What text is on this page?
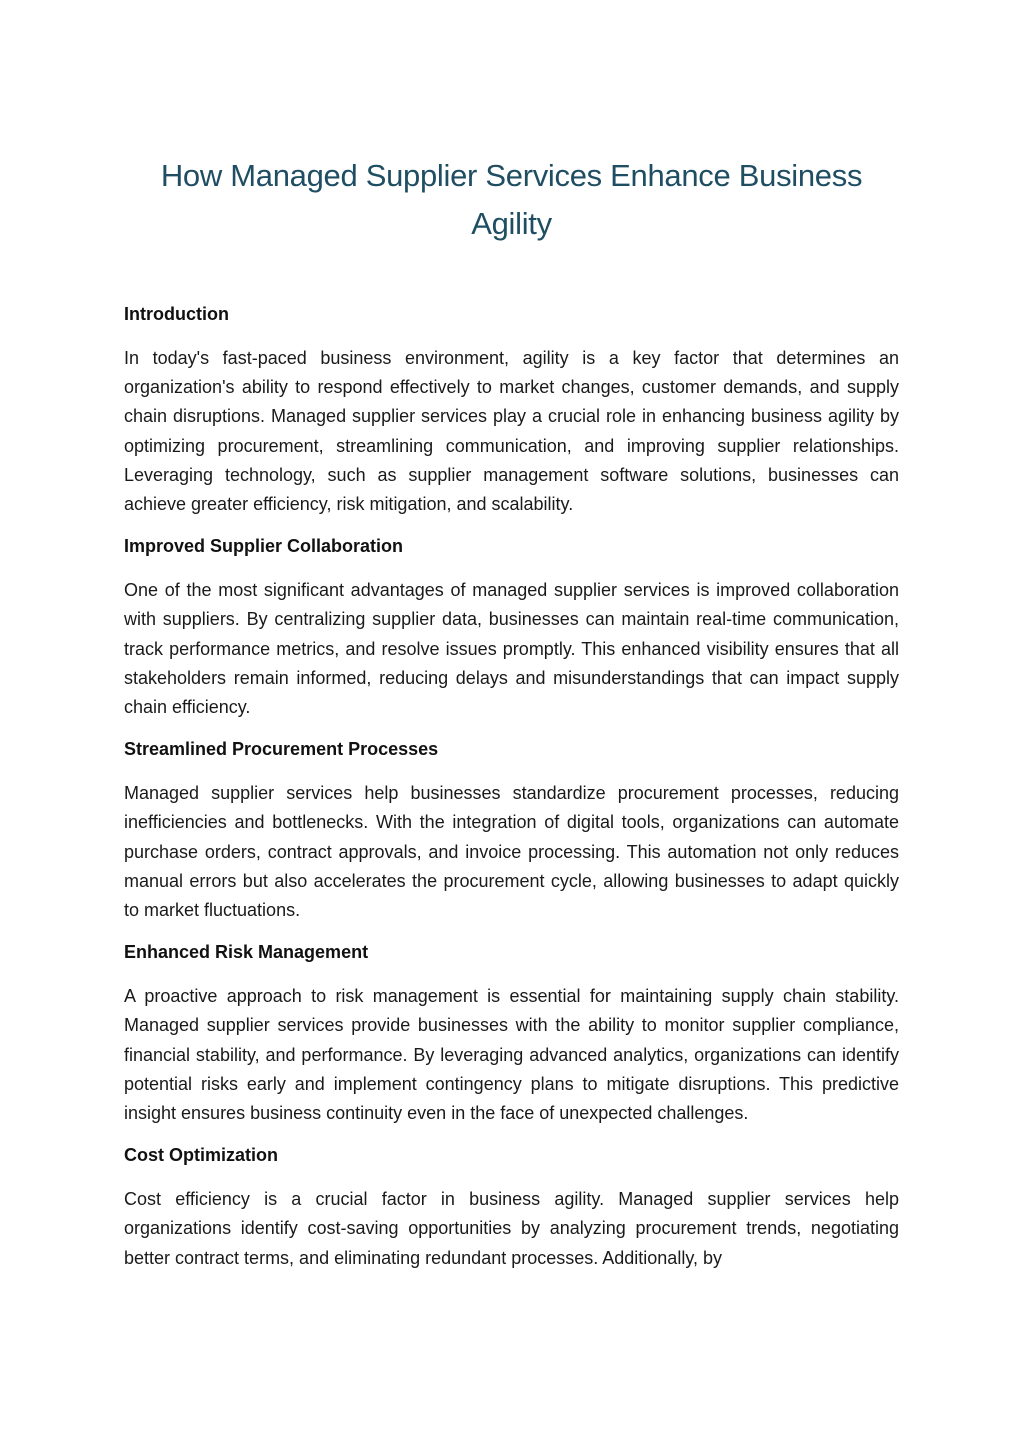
How Managed Supplier Services Enhance Business Agility
Introduction

In today's fast-paced business environment, agility is a key factor that determines an organization's ability to respond effectively to market changes, customer demands, and supply chain disruptions. Managed supplier services play a crucial role in enhancing business agility by optimizing procurement, streamlining communication, and improving supplier relationships. Leveraging technology, such as supplier management software solutions, businesses can achieve greater efficiency, risk mitigation, and scalability.

Improved Supplier Collaboration

One of the most significant advantages of managed supplier services is improved collaboration with suppliers. By centralizing supplier data, businesses can maintain real-time communication, track performance metrics, and resolve issues promptly. This enhanced visibility ensures that all stakeholders remain informed, reducing delays and misunderstandings that can impact supply chain efficiency.

Streamlined Procurement Processes

Managed supplier services help businesses standardize procurement processes, reducing inefficiencies and bottlenecks. With the integration of digital tools, organizations can automate purchase orders, contract approvals, and invoice processing. This automation not only reduces manual errors but also accelerates the procurement cycle, allowing businesses to adapt quickly to market fluctuations.

Enhanced Risk Management

A proactive approach to risk management is essential for maintaining supply chain stability. Managed supplier services provide businesses with the ability to monitor supplier compliance, financial stability, and performance. By leveraging advanced analytics, organizations can identify potential risks early and implement contingency plans to mitigate disruptions. This predictive insight ensures business continuity even in the face of unexpected challenges.

Cost Optimization

Cost efficiency is a crucial factor in business agility. Managed supplier services help organizations identify cost-saving opportunities by analyzing procurement trends, negotiating better contract terms, and eliminating redundant processes. Additionally, by
